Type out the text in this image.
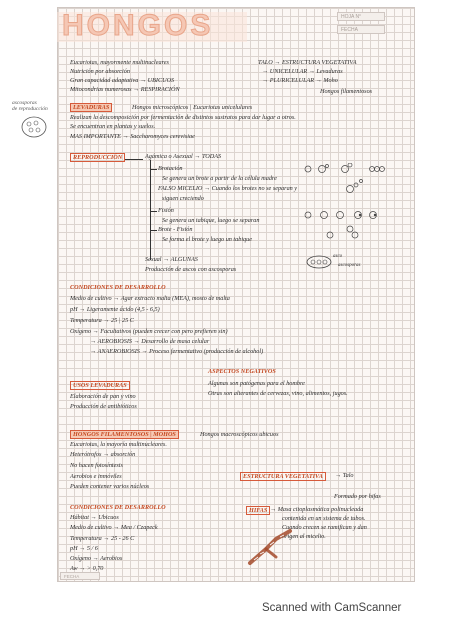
HONGOS	HOJA N°
FECHA
ascosporas
de reproducción
Eucariotas, mayormente multinucleares
Nutrición por absorción
Gran capacidad adaptativa → UBICUOS
Mitocondrias numerosas → RESPIRACIÓN
TALO → ESTRUCTURA VEGETATIVA
→ UNICELULAR → Levaduras
→ PLURICELULAR → Moho
Hongos filamentosos
LEVADURAS	Hongos microscópicos | Eucariotas unicelulares
Realizan la descomposición por fermentación de distintos sustratos para dar lugar a otros.
Se encuentran en plantas y suelos.
MAS IMPORTANTE → Saccharomyces cerevisiae
REPRODUCCIÓN	Agámica o Asexual → TODAS
Brotación
Se genera un brote a partir de la célula madre
FALSO MICELIO → Cuando los brotes no se separan y
siguen creciendo
Fisión
Se genera un tabique, luego se separan
Brote - Fisión
Se forma el brote y luego un tabique
Sexual → ALGUNAS
Producción de ascos con ascosporas
asco
ascosporas
CONDICIONES DE DESARROLLO
Medio de cultivo → Agar extracto malta (MEA), mosto de malta
pH → Ligeramente ácido (4,5 - 6,5)
Temperatura → 25 | 25 C
Oxígeno → Facultativos (pueden crecer con pero prefieren sin)
→ AEROBIOSIS → Desarrollo de masa celular
→ ANAEROBIOSIS → Proceso fermentativo (producción de alcohol)
ASPECTOS NEGATIVOS
Algunas son patógenas para el hombre
Otras son alterantes de cervezas, vino, alimentos, jugos.
USOS LEVADURAS
Elaboración de pan y vino
Producción de antibióticos
HONGOS FILAMENTOSOS | MOHOS	Hongos macroscópicos ubicuos
Eucariotas, la mayoría multinucleares.
Heterótrofos → absorción
No hacen fotosíntesis
Aerobios e inmóviles
Pueden contener varios núcleos
ESTRUCTURA VEGETATIVA	→ Talo
Formado por hifas
HIFAS → Masa citoplasmática polinucleada
contenida en un sistema de tubos.
Cuando crecen se ramifican y dan
origen al micelio.
CONDICIONES DE DESARROLLO
Hábitat → Ubicuos
Medio de cultivo → Mea / Czapeck
Temperatura → 25 - 26 C
pH → 5 / 6
Oxígeno → Aerobios
Aw → > 0,70
FECHA
Scanned with CamScanner
